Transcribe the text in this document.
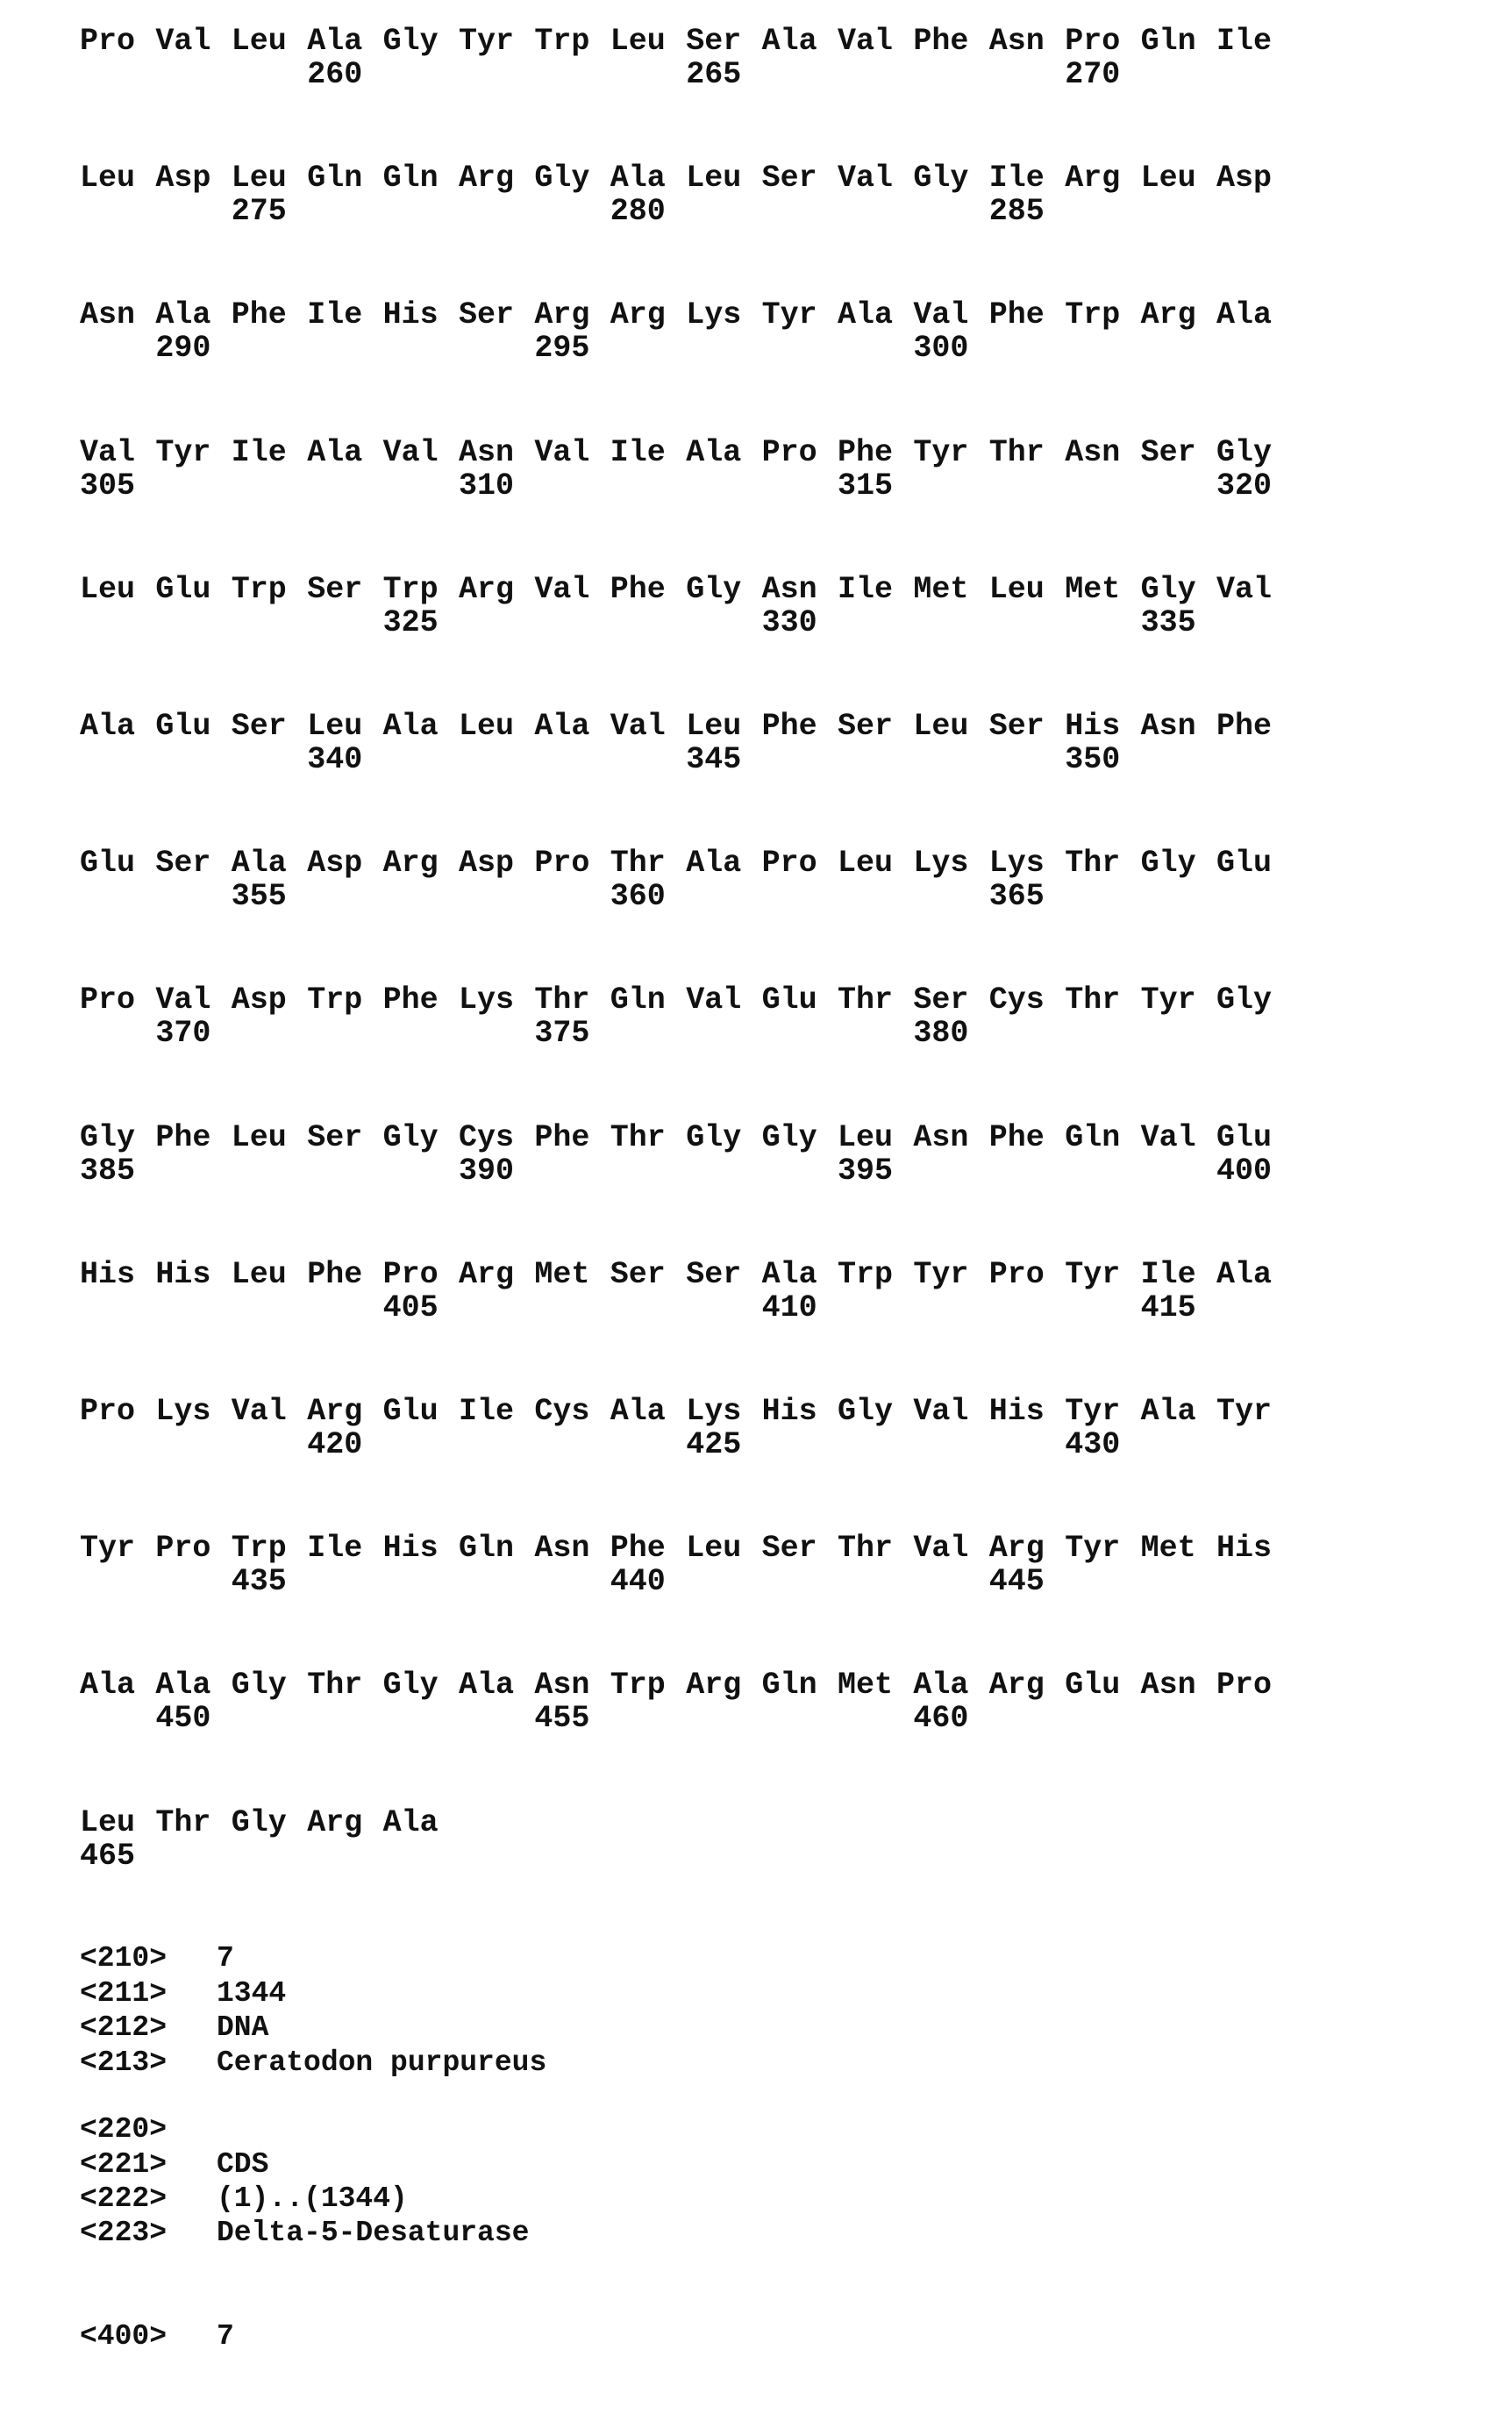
Pro Val Leu Ala Gly Tyr Trp Leu Ser Ala Val Phe Asn Pro Gln Ile
260	265	270
Leu Asp Leu Gln Gln Arg Gly Ala Leu Ser Val Gly Ile Arg Leu Asp
275	280	285
Asn Ala Phe Ile His Ser Arg Arg Lys Tyr Ala Val Phe Trp Arg Ala
290	295	300
Val Tyr Ile Ala Val Asn Val Ile Ala Pro Phe Tyr Thr Asn Ser Gly
305	310	315	320
Leu Glu Trp Ser Trp Arg Val Phe Gly Asn Ile Met Leu Met Gly Val
325	330	335
Ala Glu Ser Leu Ala Leu Ala Val Leu Phe Ser Leu Ser His Asn Phe
340	345	350
Glu Ser Ala Asp Arg Asp Pro Thr Ala Pro Leu Lys Lys Thr Gly Glu
355	360	365
Pro Val Asp Trp Phe Lys Thr Gln Val Glu Thr Ser Cys Thr Tyr Gly
370	375	380
Gly Phe Leu Ser Gly Cys Phe Thr Gly Gly Leu Asn Phe Gln Val Glu
385	390	395	400
His His Leu Phe Pro Arg Met Ser Ser Ala Trp Tyr Pro Tyr Ile Ala
405	410	415
Pro Lys Val Arg Glu Ile Cys Ala Lys His Gly Val His Tyr Ala Tyr
420	425	430
Tyr Pro Trp Ile His Gln Asn Phe Leu Ser Thr Val Arg Tyr Met His
435	440	445
Ala Ala Gly Thr Gly Ala Asn Trp Arg Gln Met Ala Arg Glu Asn Pro
450	455	460
Leu Thr Gly Arg Ala
465
<210> 7
<211> 1344
<212> DNA
<213> Ceratodon purpureus
<220>
<221> CDS
<222> (1)..(1344)
<223> Delta-5-Desaturase
<400> 7
